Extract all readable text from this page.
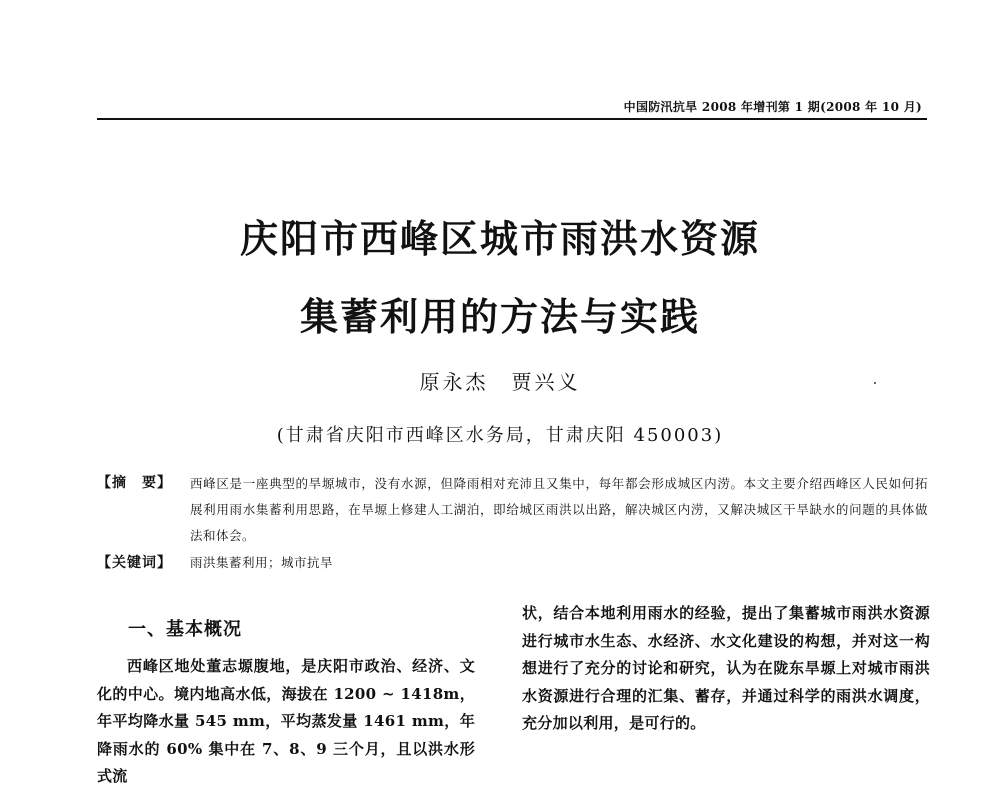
中国防汛抗旱 2008 年增刊第 1 期(2008 年 10 月)
庆阳市西峰区城市雨洪水资源
集蓄利用的方法与实践
原永杰　贾兴义
(甘肃省庆阳市西峰区水务局，甘肃庆阳 450003)
【摘　要】 西峰区是一座典型的旱塬城市，没有水源，但降雨相对充沛且又集中，每年都会形成城区内涝。本文主要介绍西峰区人民如何拓展利用雨水集蓄利用思路，在旱塬上修建人工湖泊，即给城区雨洪以出路，解决城区内涝，又解决城区干旱缺水的问题的具体做法和体会。
【关键词】 雨洪集蓄利用；城市抗旱
一、基本概况
西峰区地处董志塬腹地，是庆阳市政治、经济、文化的中心。境内地高水低，海拔在 1200 ~ 1418m，年平均降水量 545 mm，平均蒸发量 1461 mm，年降雨水的 60% 集中在 7、8、9 三个月，且以洪水形式流
状，结合本地利用雨水的经验，提出了集蓄城市雨洪水资源进行城市水生态、水经济、水文化建设的构想，并对这一构想进行了充分的讨论和研究，认为在陇东旱塬上对城市雨洪水资源进行合理的汇集、蓄存，并通过科学的雨洪水调度，充分加以利用，是可行的。
